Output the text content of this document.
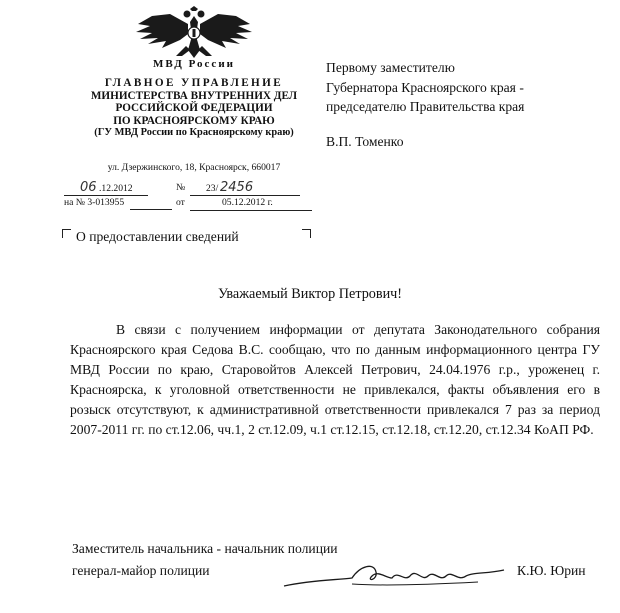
МВД России
ГЛАВНОЕ УПРАВЛЕНИЕ
МИНИСТЕРСТВА ВНУТРЕННИХ ДЕЛ
РОССИЙСКОЙ ФЕДЕРАЦИИ
ПО КРАСНОЯРСКОМУ КРАЮ
(ГУ МВД России по Красноярскому краю)
ул. Дзержинского, 18, Красноярск, 660017
06 .12.2012	№ 23/ 2456
на № 3-013955	от	05.12.2012 г.
Первому заместителю
Губернатора Красноярского края -
председателю Правительства края
В.П. Томенко
О предоставлении сведений
Уважаемый Виктор Петрович!

В связи с получением информации от депутата Законодательного собрания Красноярского края Седова В.С. сообщаю, что по данным информационного центра ГУ МВД России по краю, Старовойтов Алексей Петрович, 24.04.1976 г.р., уроженец г. Красноярска, к уголовной ответственности не привлекался, факты объявления его в розыск отсутствуют, к административной ответственности привлекался 7 раз за период 2007-2011 гг. по ст.12.06, чч.1, 2 ст.12.09, ч.1 ст.12.15, ст.12.18, ст.12.20, ст.12.34 КоАП РФ.

Заместитель начальника - начальник полиции
генерал-майор полиции	К.Ю. Юрин
